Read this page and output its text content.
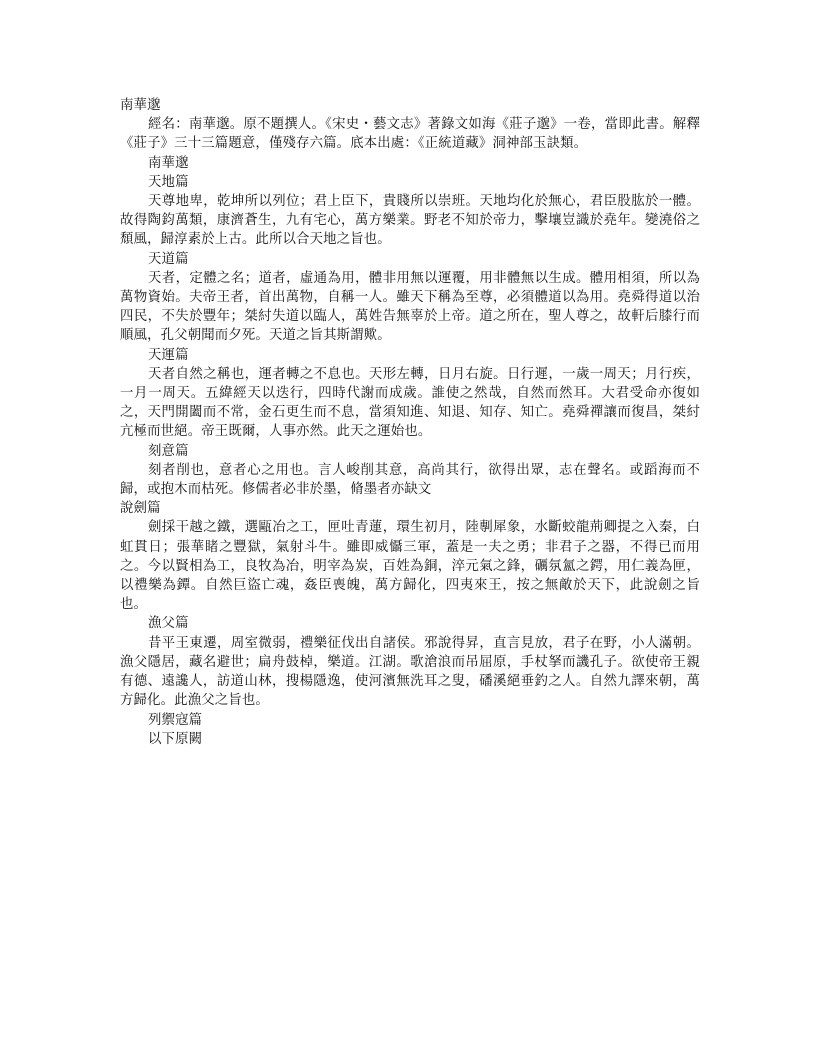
南華邈

經名：南華邈。原不題撰人。《宋史・藝文志》著錄文如海《莊子邈》一卷，當即此書。解釋《莊子》三十三篇題意，僅殘存六篇。底本出處：《正統道藏》洞神部玉訣類。

南華邈

天地篇

天尊地卑，乾坤所以列位；君上臣下，貴賤所以崇班。天地均化於無心，君臣股肱於一體。故得陶鈞萬類，康濟蒼生，九有宅心，萬方樂業。野老不知於帝力，擊壤豈識於堯年。變澆俗之頹風，歸淳素於上古。此所以合天地之旨也。

天道篇

天者，定體之名；道者，虛通為用，體非用無以運覆，用非體無以生成。體用相須，所以為萬物資始。夫帝王者，首出萬物，自稱一人。雖天下稱為至尊，必須體道以為用。堯舜得道以治四民，不失於豐年；桀紂失道以臨人，萬姓告無辜於上帝。道之所在，聖人尊之，故軒后膝行而順風，孔父朝聞而夕死。天道之旨其斯謂歟。

天運篇

天者自然之稱也，運者轉之不息也。天形左轉，日月右旋。日行遲，一歲一周天；月行疾，一月一周天。五緯經天以迭行，四時代謝而成歲。誰使之然哉，自然而然耳。大君受命亦復如之，天門開闔而不常，金石更生而不息，當須知進、知退、知存、知亡。堯舜禪讓而復昌，桀紂亢極而世絕。帝王既爾，人事亦然。此天之運始也。

刻意篇

刻者削也，意者心之用也。言人峻削其意，高尚其行，欲得出眾，志在聲名。或蹈海而不歸，或抱木而枯死。修儒者必非於墨，脩墨者亦缺文

說劍篇

劍採干越之鐵，選甌冶之工，匣吐青蓮，環生初月，陸剸犀象，水斷蛟龍荊卿提之入秦，白虹貫日；張華睹之豐獄，氣射斗牛。雖即威懾三軍，蓋是一夫之勇；非君子之器，不得已而用之。今以賢相為工，良牧為冶，明宰為炭，百姓為銅，淬元氣之鋒，礪氛氳之鍔，用仁義為匣，以禮樂為鐔。自然巨盜亡魂，姦臣喪魄，萬方歸化，四夷來王，按之無敵於天下，此說劍之旨也。

漁父篇

昔平王東遷，周室微弱，禮樂征伐出自諸侯。邪說得昇，直言見放，君子在野，小人滿朝。漁父隱居，藏名避世；扁舟鼓棹，樂道。江湖。歌滄浪而吊屈原，手杖拏而譏孔子。欲使帝王親有德、遠讒人，訪道山林，搜楊隱逸，使河濱無洗耳之叟，磻溪絕垂釣之人。自然九譯來朝，萬方歸化。此漁父之旨也。

列禦寇篇

以下原闕
